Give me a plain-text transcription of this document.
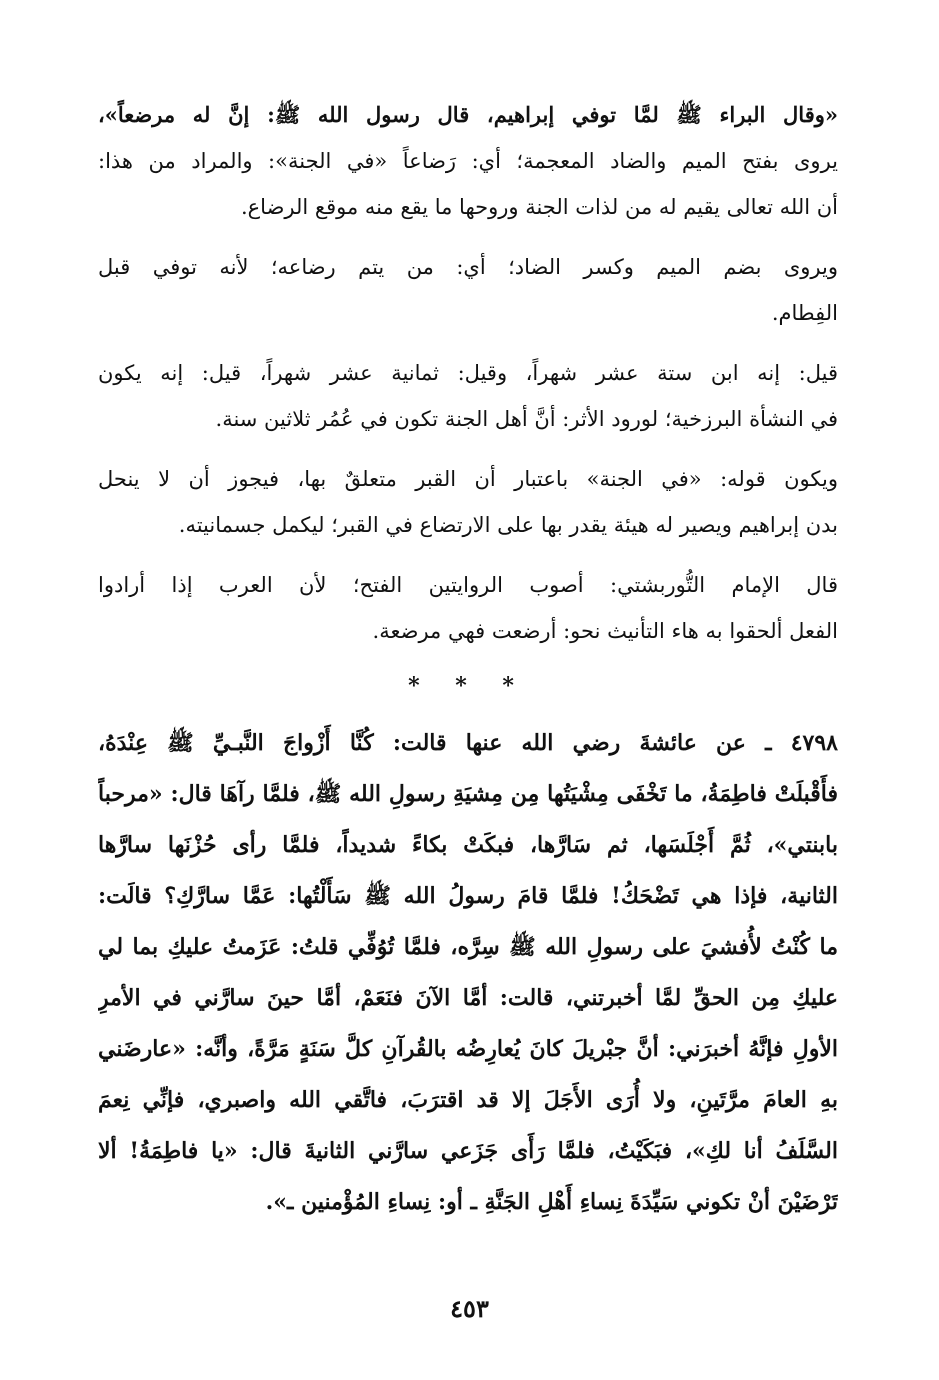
«وقال البراء ﷺ لمَّا توفي إبراهيم، قال رسول الله ﷺ: إنَّ له مرضعاً»،
يروى بفتح الميم والضاد المعجمة؛ أي: رَضاعاً «في الجنة»: والمراد من هذا:
أن الله تعالى يقيم له من لذات الجنة وروحها ما يقع منه موقع الرضاع.
ويروى بضم الميم وكسر الضاد؛ أي: من يتم رضاعه؛ لأنه توفي قبل
الفِطام.
قيل: إنه ابن ستة عشر شهراً، وقيل: ثمانية عشر شهراً، قيل: إنه يكون
في النشأة البرزخية؛ لورود الأثر: أنَّ أهل الجنة تكون في عُمُر ثلاثين سنة.
ويكون قوله: «في الجنة» باعتبار أن القبر متعلقٌ بها، فيجوز أن لا ينحل
بدن إبراهيم ويصير له هيئة يقدر بها على الارتضاع في القبر؛ ليكمل جسمانيته.
قال الإمام التُّوربشتي: أصوب الروايتين الفتح؛ لأن العرب إذا أرادوا
الفعل ألحقوا به هاء التأنيث نحو: أرضعت فهي مرضعة.
* * *
٤٧٩٨ ـ عن عائشةَ رضي الله عنها قالت: كُنَّا أَزْواجَ النَّبـيِّ ﷺ عِنْدَهُ،
فأَقْبلَتْ فاطِمَةُ، ما تَخْفَى مِشْيَتُها مِن مِشيَةِ رسولِ الله ﷺ، فلمَّا رآهَا قال: «مرحباً
بابنتي»، ثُمَّ أَجْلَسَها، ثم سَارَّها، فبكَتْ بكاءً شديداً، فلمَّا رأى حُزْنَها سارَّها
الثانية، فإذا هي تَضْحَكُ! فلمَّا قامَ رسولُ الله ﷺ سَأَلْتُها: عَمَّا سارَّكِ؟ قالَت:
ما كُنْتُ لأُفشيَ على رسولِ الله ﷺ سِرَّه، فلمَّا تُوُفِّي قلتُ: عَزَمتُ عليكِ بما لي
عليكِ مِن الحقِّ لمَّا أخبرتني، قالت: أمَّا الآنَ فنَعَمْ، أمَّا حينَ سارَّني في الأمرِ
الأولِ فإنَّهُ أخبرَني: أنَّ جبْريلَ كانَ يُعارِضُه بالقُرآنِ كلَّ سَنَةٍ مَرَّةً، وأنَّه: «عارضَني
بهِ العامَ مرَّتَينِ، ولا أُرَى الأَجَلَ إلا قد اقترَبَ، فاتَّقي الله واصبري، فإنِّي نِعمَ
السَّلَفُ أنا لكِ»، فبَكَيْتُ، فلمَّا رَأَى جَزَعي سارَّني الثانيةَ قال: «يا فاطِمَةُ! ألا
تَرْضَيْنَ أنْ تكوني سَيِّدَةَ نِساءِ أَهْلِ الجَنَّةِ ـ أو: نِساءِ المُؤْمنين ـ».
٤٥٣
